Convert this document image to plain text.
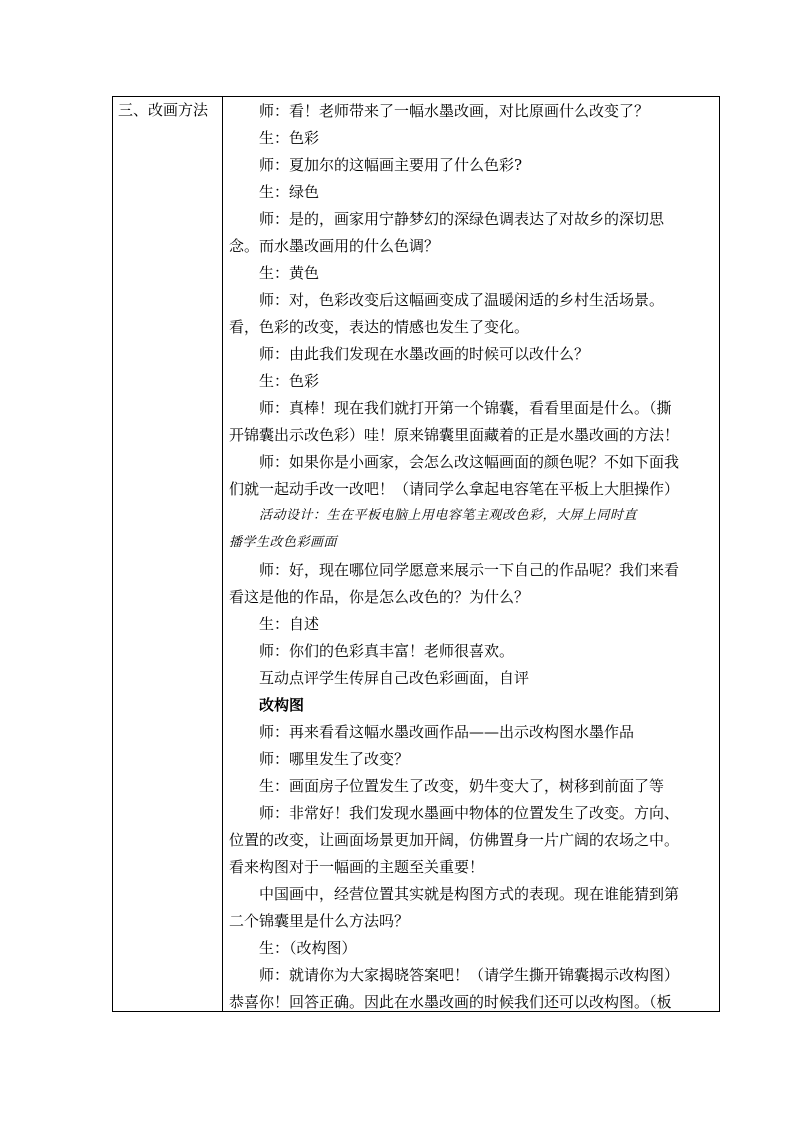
三、改画方法	师：看！老师带来了一幅水墨改画，对比原画什么改变了？
生：色彩
师：夏加尔的这幅画主要用了什么色彩?
生：绿色
师：是的，画家用宁静梦幻的深绿色调表达了对故乡的深切思
念。而水墨改画用的什么色调？
生：黄色
师：对，色彩改变后这幅画变成了温暖闲适的乡村生活场景。
看，色彩的改变，表达的情感也发生了变化。
师：由此我们发现在水墨改画的时候可以改什么？
生：色彩
师：真棒！现在我们就打开第一个锦囊，看看里面是什么。（撕
开锦囊出示改色彩）哇！原来锦囊里面藏着的正是水墨改画的方法！
师：如果你是小画家，会怎么改这幅画面的颜色呢？不如下面我
们就一起动手改一改吧！（请同学么拿起电容笔在平板上大胆操作）
活动设计：生在平板电脑上用电容笔主观改色彩，大屏上同时直
播学生改色彩画面
师：好，现在哪位同学愿意来展示一下自己的作品呢？我们来看
看这是他的作品，你是怎么改色的？为什么？
生：自述
师：你们的色彩真丰富！老师很喜欢。
互动点评学生传屏自己改色彩画面，自评
改构图
师：再来看看这幅水墨改画作品——出示改构图水墨作品
师：哪里发生了改变？
生：画面房子位置发生了改变，奶牛变大了，树移到前面了等
师：非常好！我们发现水墨画中物体的位置发生了改变。方向、
位置的改变，让画面场景更加开阔，仿佛置身一片广阔的农场之中。
看来构图对于一幅画的主题至关重要！
中国画中，经营位置其实就是构图方式的表现。现在谁能猜到第
二个锦囊里是什么方法吗？
生：（改构图）
师：就请你为大家揭晓答案吧！（请学生撕开锦囊揭示改构图）
恭喜你！回答正确。因此在水墨改画的时候我们还可以改构图。（板
